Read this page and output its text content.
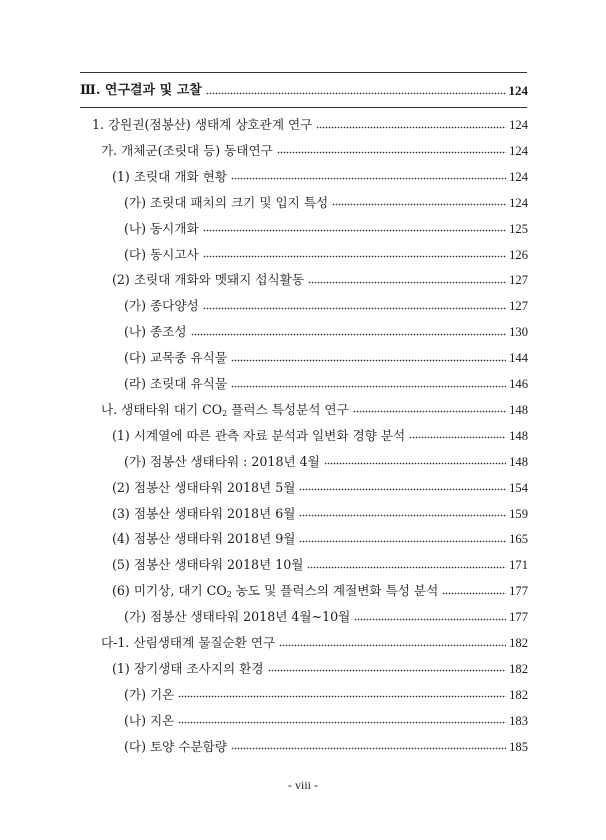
Ⅲ. 연구결과 및 고찰	124
1. 강원권(점봉산) 생태계 상호관계 연구	124
가. 개체군(조릿대 등) 동태연구	124
(1) 조릿대 개화 현황	124
(가) 조릿대 패치의 크기 및 입지 특성	124
(나) 동시개화	125
(다) 동시고사	126
(2) 조릿대 개화와 멧돼지 섭식활동	127
(가) 종다양성	127
(나) 종조성	130
(다) 교목종 유식물	144
(라) 조릿대 유식물	146
나. 생태타워 대기 $CO_2$ 플럭스 특성분석 연구	148
(1) 시계열에 따른 관측 자료 분석과 일변화 경향 분석	148
(가) 점봉산 생태타워 : 2018년 4월	148
(2) 점봉산 생태타워 2018년 5월	154
(3) 점봉산 생태타워 2018년 6월	159
(4) 점봉산 생태타워 2018년 9월	165
(5) 점봉산 생태타워 2018년 10월	171
(6) 미기상, 대기 $CO_2$ 농도 및 플럭스의 계절변화 특성 분석	177
(가) 점봉산 생태타워 2018년 4월~10월	177
다-1. 산림생태계 물질순환 연구	182
(1) 장기생태 조사지의 환경	182
(가) 기온	182
(나) 지온	183
(다) 토양 수분함량	185
- viii -
